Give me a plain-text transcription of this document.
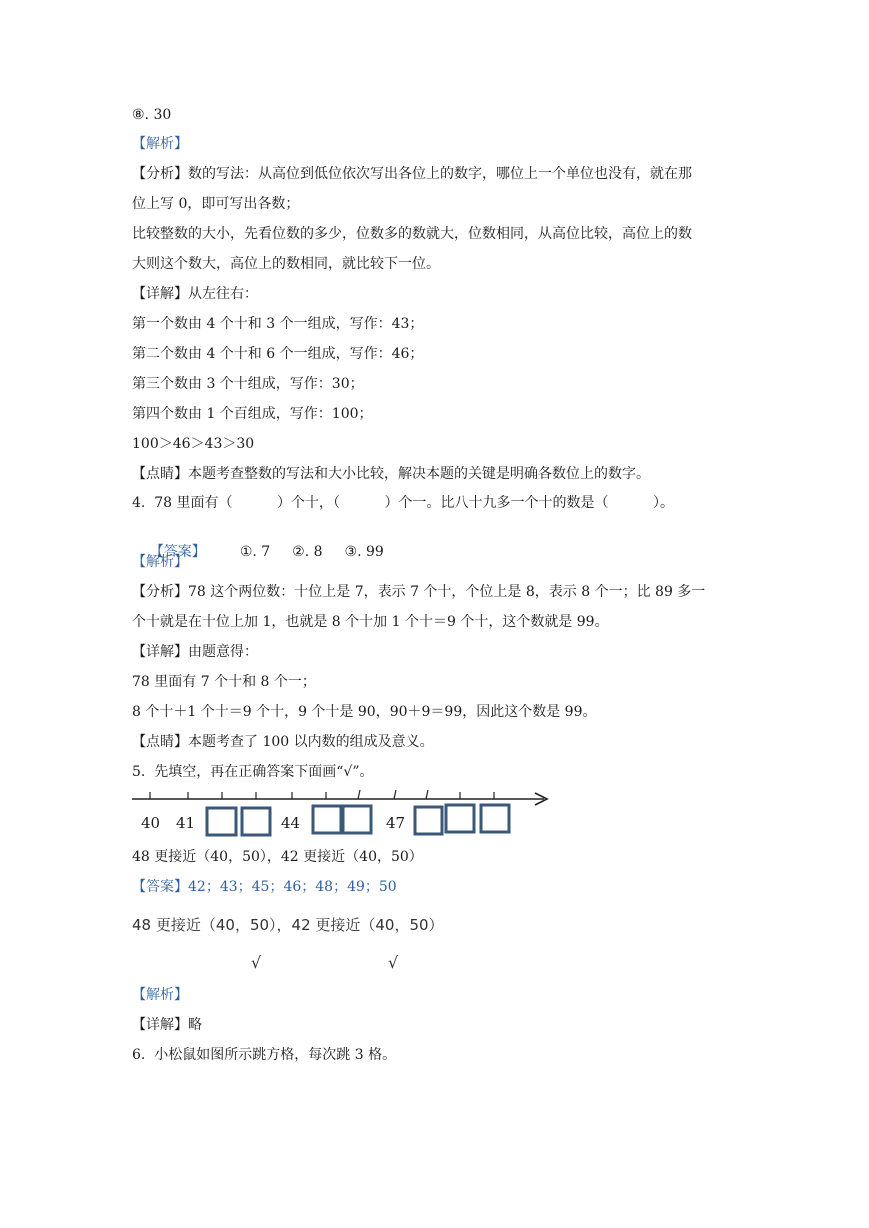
⑧. 30
【解析】
【分析】数的写法：从高位到低位依次写出各位上的数字，哪位上一个单位也没有，就在那
位上写 0，即可写出各数；
比较整数的大小，先看位数的多少，位数多的数就大，位数相同，从高位比较，高位上的数
大则这个数大，高位上的数相同，就比较下一位。
【详解】从左往右：
第一个数由 4 个十和 3 个一组成，写作：43；
第二个数由 4 个十和 6 个一组成，写作：46；
第三个数由 3 个十组成，写作：30；
第四个数由 1 个百组成，写作：100；
100＞46＞43＞30
【点睛】本题考查整数的写法和大小比较，解决本题的关键是明确各数位上的数字。
4.  78 里面有（          ）个十，（          ）个一。比八十九多一个十的数是（          ）。

【答案】 ①. 7 ②. 8 ③. 99

【解析】
【分析】78 这个两位数：十位上是 7，表示 7 个十，个位上是 8，表示 8 个一；比 89 多一
个十就是在十位上加 1，也就是 8 个十加 1 个十＝9 个十，这个数就是 99。
【详解】由题意得：
78 里面有 7 个十和 8 个一；
8 个十＋1 个十＝9 个十，9 个十是 90，90＋9＝99，因此这个数是 99。
【点睛】本题考查了 100 以内数的组成及意义。
5.  先填空，再在正确答案下面画“√”。
40 41	44	47
48 更接近（40，50），42 更接近（40，50）
【答案】42；43；45；46；48；49；50
48 更接近（40，50），42 更接近（40，50）
√	√
【解析】
【详解】略
6.  小松鼠如图所示跳方格，每次跳 3 格。
